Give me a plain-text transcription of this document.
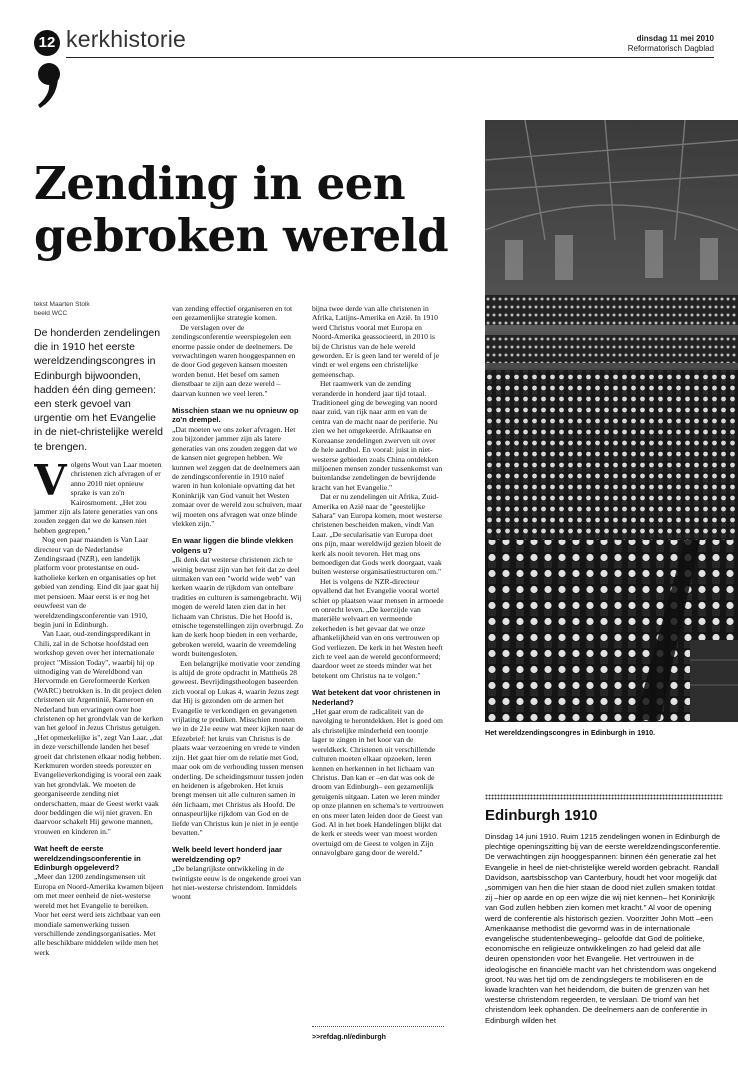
12 kerkhistorie	dinsdag 11 mei 2010
Reformatorisch Dagblad
Zending in een
gebroken wereld
tekst Maarten Stolk
beeld WCC

De honderden zendelingen die in 1910 het eerste wereldzendingscongres in Edinburgh bijwoonden, hadden één ding gemeen: een sterk gevoel van urgentie om het Evangelie in de niet-christelijke wereld te brengen.

V olgens Wout van Laar moeten christenen zich afvragen of er anno 2010 niet opnieuw sprake is van zo'n Kairosmoment. „Het zou jammer zijn als latere generaties van ons zouden zeggen dat we de kansen niet hebben gegrepen."

Nog een paar maanden is Van Laar directeur van de Nederlandse Zendingsraad (NZR), een landelijk platform voor protestantse en oud-katholieke kerken en organisaties op het gebied van zending. Eind dit jaar gaat hij met pensioen. Maar eerst is er nog het eeuwfeest van de wereldzendingsconferentie van 1910, begin juni in Edinburgh.

Van Laar, oud-zendingspredikant in Chili, zal in de Schotse hoofdstad een workshop geven over het internationale project "Mission Today", waarbij hij op uitnodiging van de Wereldbond van Hervormde en Gereformeerde Kerken (WARC) betrokken is. In dit project delen christenen uit Argentinië, Kameroen en Nederland hun ervaringen over hoe christenen op het grondvlak van de kerken van het geloof in Jezus Christus getuigen. „Het opmerkelijke is", zegt Van Laar, „dat in deze verschillende landen het besef groeit dat christenen elkaar nodig hebben. Kerkmuren worden steeds poreuzer en Evangelieverkondiging is vooral een zaak van het grondvlak. We moeten de georganiseerde zending niet onderschatten, maar de Geest werkt vaak door beddingen die wij niet graven. En daarvoor schakelt Hij gewone mannen, vrouwen en kinderen in."

Wat heeft de eerste wereldzendingsconferentie in Edinburgh opgeleverd?

„Meer dan 1200 zendingsmensen uit Europa en Noord-Amerika kwamen bijeen om met meer eenheid de niet-westerse wereld met het Evangelie te bereiken. Voor het eerst werd iets zichtbaar van een mondiale samenwerking tussen verschillende zendingsorganisaties. Met alle beschikbare middelen wilde men het werk

van zending effectief organiseren en tot een gezamenlijke strategie komen.

De verslagen over de zendingsconferentie weerspiegelen een enorme passie onder de deelnemers. De verwachtingen waren hooggespannen en de door God gegeven kansen moesten worden benut. Het besef om samen dienstbaar te zijn aan deze wereld – daarvan kunnen we veel leren."

Misschien staan we nu opnieuw op zo'n drempel.

„Dat moeten we ons zeker afvragen. Het zou bijzonder jammer zijn als latere generaties van ons zouden zeggen dat we de kansen niet gegrepen hebben. We kunnen wel zeggen dat de deelnemers aan de zendingsconferentie in 1910 naïef waren in hun koloniale opvatting dat het Koninkrijk van God vanuit het Westen zomaar over de wereld zou schuiven, maar wij moeten ons afvragen wat onze blinde vlekken zijn."

En waar liggen die blinde vlekken volgens u?

„Ik denk dat westerse christenen zich te weinig bewust zijn van het feit dat ze deel uitmaken van een "world wide web" van kerken waarin de rijkdom van ontelbare tradities en culturen is samengebracht. Wij mogen de wereld laten zien dat in het lichaam van Christus. Die het Hoofd is, etnische tegenstellingen zijn overbrugd. Zo kan de kerk hoop bieden in een verharde, gebroken wereld, waarin de vreemdeling wordt buitengesloten.

Een belangrijke motivatie voor zending is altijd de grote opdracht in Mattheüs 28 geweest. Bevrijdingstheologen baseerden zich vooral op Lukas 4, waarin Jezus zegt dat Hij is gezonden om de armen het Evangelie te verkondigen en gevangenen vrijlating te prediken. Misschien moeten we in de 21e eeuw wat meer kijken naar de Efezebrief: het kruis van Christus is de plaats waar verzoening en vrede te vinden zijn. Het gaat hier om de relatie met God, maar ook om de verhouding tussen mensen onderling. De scheidingsmuur tussen joden en heidenen is afgebroken. Het kruis brengt mensen uit alle culturen samen in één lichaam, met Christus als Hoofd. De onnaspeurlijke rijkdom van God en de liefde van Christus kun je niet in je eentje bevatten."

Welk beeld levert honderd jaar wereldzending op?

„De belangrijkste ontwikkeling in de twintigste eeuw is de ongekende groei van het niet-westerse christendom. Inmiddels woont

bijna twee derde van alle christenen in Afrika, Latijns-Amerika en Azië. In 1910 werd Christus vooral met Europa en Noord-Amerika geassocieerd, in 2010 is bij de Christus van de hele wereld geworden. Er is geen land ter wereld of je vindt er wel ergens een christelijke gemeenschap.

Het raamwerk van de zending veranderde in honderd jaar tijd totaal. Traditioneel ging de beweging van noord naar zuid, van rijk naar arm en van de centra van de macht naar de periferie. Nu zien we het omgekeerde. Afrikaanse en Koreaanse zendelingen zwerven uit over de hele aardbol. En vooral: juist in niet-westerse gebieden zoals China ontdekken miljoenen mensen zonder tussenkomst van buitenlandse zendelingen de bevrijdende kracht van het Evangelie."

Dat er nu zendelingen uit Afrika, Zuid-Amerika en Azië naar de "geestelijke Sahara" van Europa komen, moet westerse christenen bescheiden maken, vindt Van Laar. „De secularisatie van Europa doet ons pijn, maar wereldwijd gezien bloeit de kerk als nooit tevoren. Het mag ons bemoedigen dat Gods werk doorgaat, vaak buiten westerse organisatiestructuren om."

Het is volgens de NZR-directeur opvallend dat het Evangelie vooral wortel schiet op plaatsen waar mensen in armoede en onrecht leven. „De keerzijde van materiële welvaart en vermeende zekerheden is het gevaar dat we onze afhankelijkheid van en ons vertrouwen op God verliezen. De kerk in het Westen heeft zich te veel aan de wereld geconformeerd; daardoor weet ze steeds minder wat het betekent om Christus na te volgen."

Wat betekent dat voor christenen in Nederland?

„Het gaat erom de radicaliteit van de navolging te herontdekken. Het is goed om als christelijke minderheid een toontje lager te zingen in het koor van de wereldkerk. Christenen uit verschillende culturen moeten elkaar opzoeken, leren kennen en herkennen in het lichaam van Christus. Dan kan er –en dat was ook de droom van Edinburgh– een gezamenlijk getuigenis uitgaan. Laten we leren minder op onze plannen en schema's te vertrouwen en ons meer laten leiden door de Geest van God. Al in het boek Handelingen blijkt dat de kerk er steeds weer van moest worden overtuigd om de Geest te volgen in Zijn onnavolgbare gang door de wereld."

>>refdag.nl/edinburgh
Het wereldzendingscongres in Edinburgh in 1910.
Edinburgh 1910

Dinsdag 14 juni 1910. Ruim 1215 zendelingen wonen in Edinburgh de plechtige openingszitting bij van de eerste wereldzendingsconferentie. De verwachtingen zijn hooggespannen: binnen één generatie zal het Evangelie in heel de niet-christelijke wereld worden gebracht. Randall Davidson, aartsbisschop van Canterbury, houdt het voor mogelijk dat „sommigen van hen die hier staan de dood niet zullen smaken totdat zij –hier op aarde en op een wijze die wij niet kennen– het Koninkrijk van God zullen hebben zien komen met kracht." Al voor de opening werd de conferentie als historisch gezien. Voorzitter John Mott –een Amerikaanse methodist die gevormd was in de internationale evangelische studentenbeweging– geloofde dat God de politieke, economische en religieuze ontwikkelingen zo had geleid dat alle deuren openstonden voor het Evangelie. Het vertrouwen in de ideologische en financiële macht van het christendom was ongekend groot. Nu was het tijd om de zendingslegers te mobiliseren en de kwade krachten van het heidendom, die buiten de grenzen van het westerse christendom regeerden, te verslaan. De triomf van het christendom leek ophanden. De deelnemers aan de conferentie in Edinburgh wilden het
